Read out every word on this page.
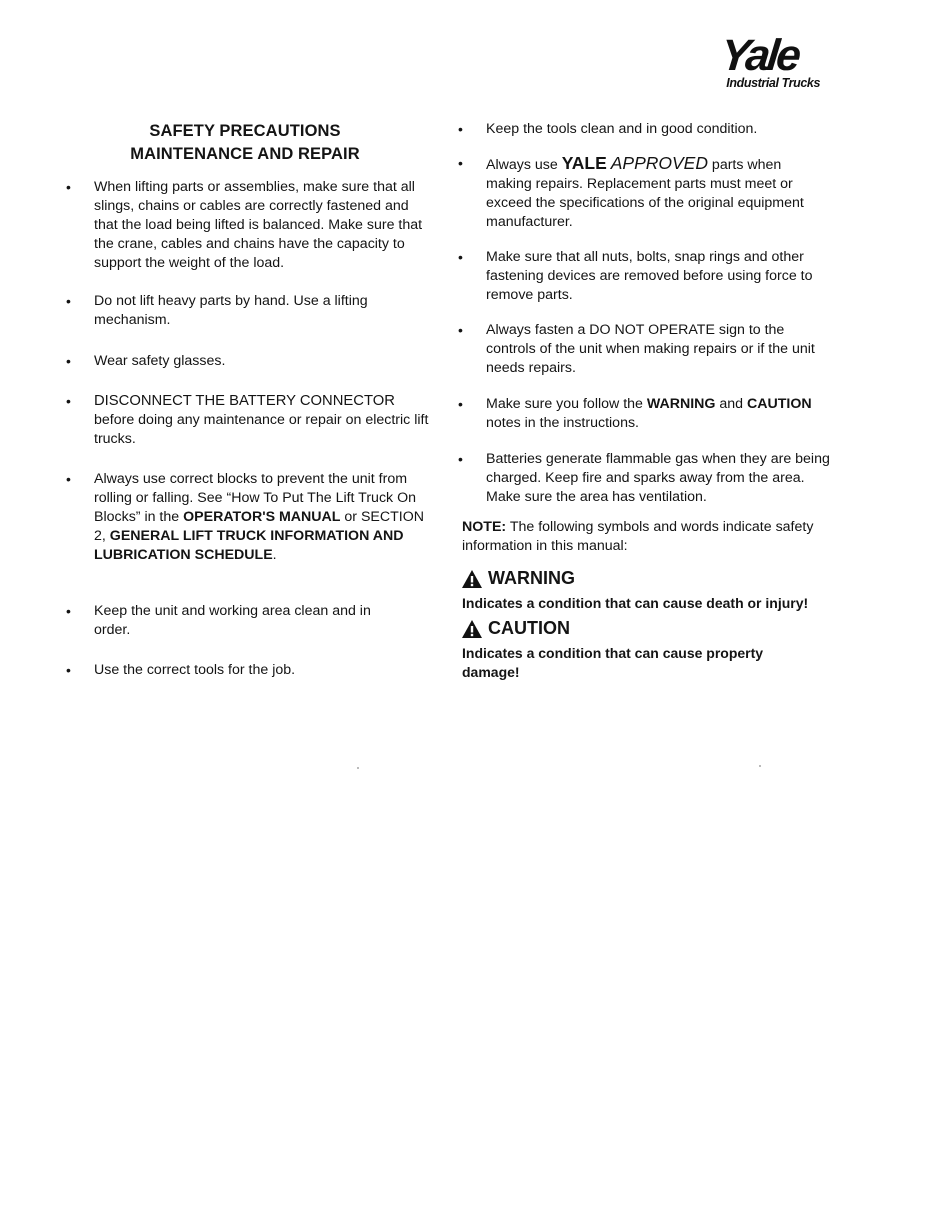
Yale
Industrial Trucks
SAFETY PRECAUTIONS
MAINTENANCE AND REPAIR
• When lifting parts or assemblies, make sure that all slings, chains or cables are correctly fastened and that the load being lifted is balanced. Make sure that the crane, cables and chains have the capacity to support the weight of the load.
• Do not lift heavy parts by hand. Use a lifting mechanism.
• Wear safety glasses.
• DISCONNECT THE BATTERY CONNECTOR
before doing any maintenance or repair on electric lift trucks.
• Always use correct blocks to prevent the unit from rolling or falling. See “How To Put The Lift Truck On Blocks” in the OPERATOR'S MANUAL or SECTION 2, GENERAL LIFT TRUCK INFORMATION AND LUBRICATION SCHEDULE.
• Keep the unit and working area clean and in order.
• Use the correct tools for the job.
• Keep the tools clean and in good condition.
• Always use YALE APPROVED parts when making repairs. Replacement parts must meet or exceed the specifications of the original equipment manufacturer.
• Make sure that all nuts, bolts, snap rings and other fastening devices are removed before using force to remove parts.
• Always fasten a DO NOT OPERATE sign to the controls of the unit when making repairs or if the unit needs repairs.
• Make sure you follow the WARNING and CAUTION notes in the instructions.
• Batteries generate flammable gas when they are being charged. Keep fire and sparks away from the area. Make sure the area has ventilation.
NOTE: The following symbols and words indicate safety information in this manual:
WARNING
Indicates a condition that can cause death or injury!
CAUTION
Indicates a condition that can cause property damage!
